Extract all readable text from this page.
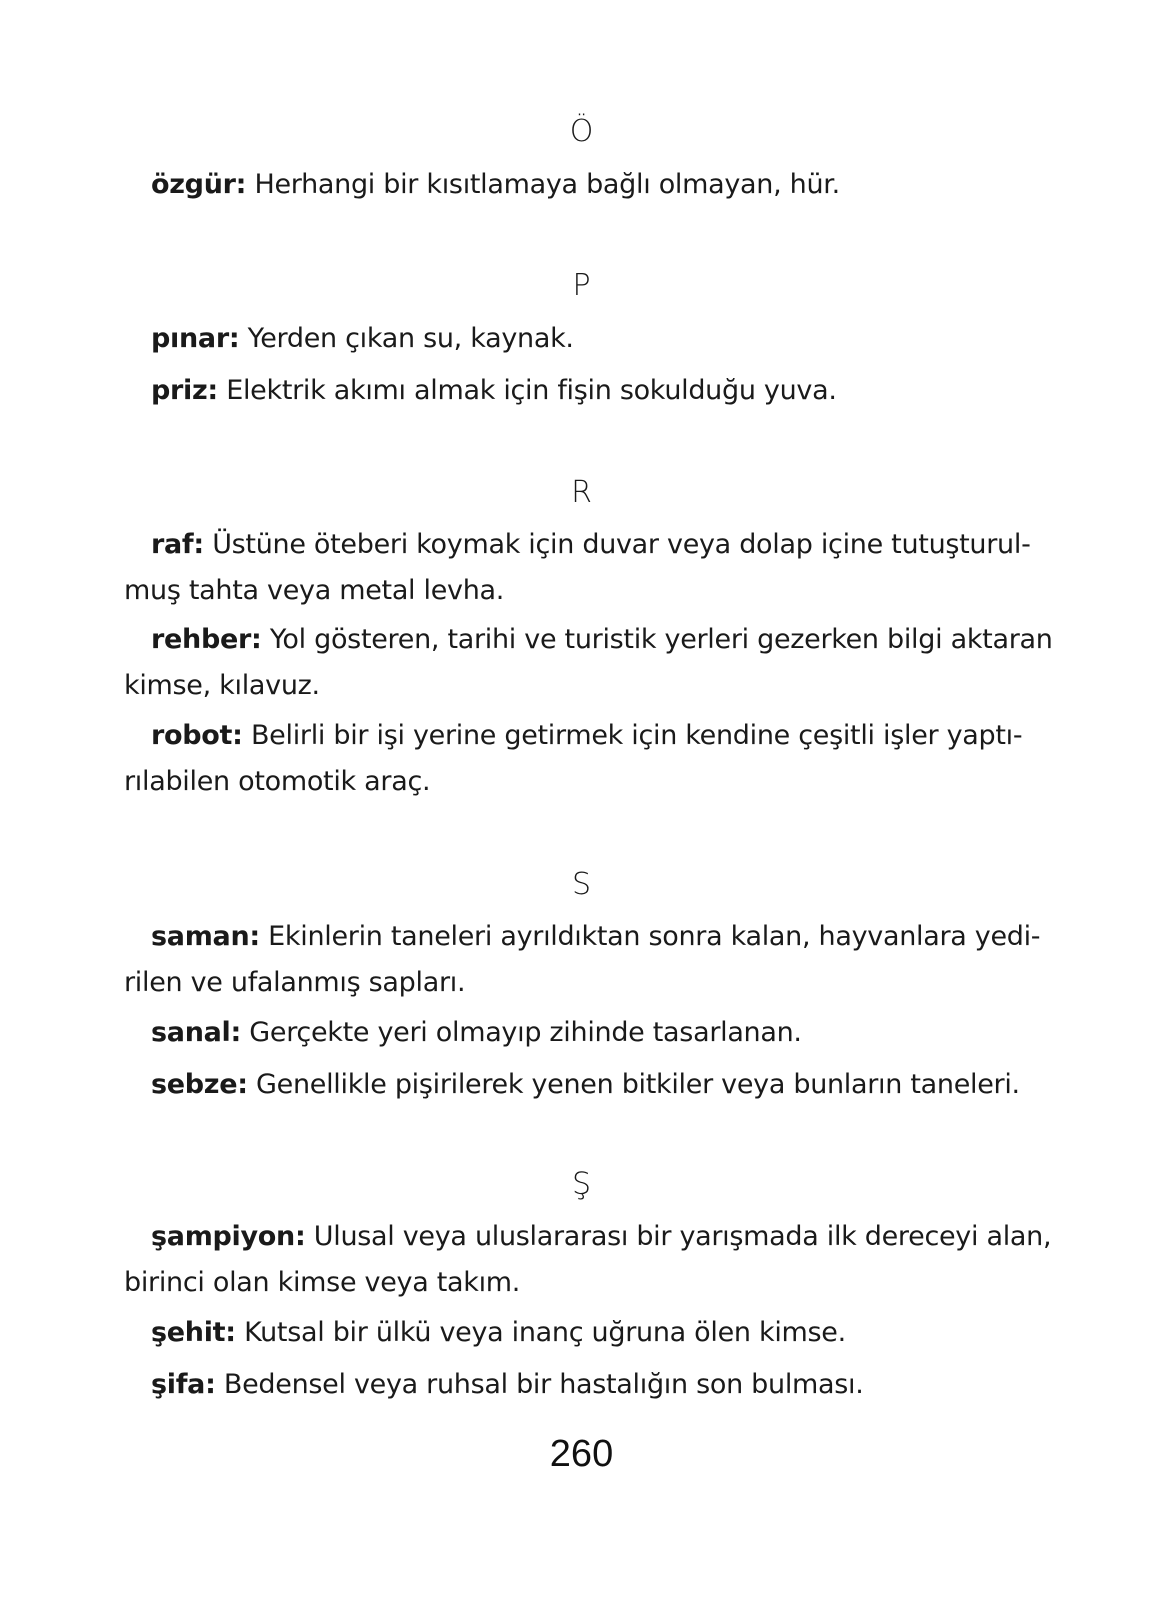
Ö
özgür: Herhangi bir kısıtlamaya bağlı olmayan, hür.
P
pınar: Yerden çıkan su, kaynak.
priz: Elektrik akımı almak için fişin sokulduğu yuva.
R
raf: Üstüne öteberi koymak için duvar veya dolap içine tutuşturul-
muş tahta veya metal levha.
rehber: Yol gösteren, tarihi ve turistik yerleri gezerken bilgi aktaran
kimse, kılavuz.
robot: Belirli bir işi yerine getirmek için kendine çeşitli işler yaptı-
rılabilen otomotik araç.
S
saman: Ekinlerin taneleri ayrıldıktan sonra kalan, hayvanlara yedi-
rilen ve ufalanmış sapları.
sanal: Gerçekte yeri olmayıp zihinde tasarlanan.
sebze: Genellikle pişirilerek yenen bitkiler veya bunların taneleri.
Ş
şampiyon: Ulusal veya uluslararası bir yarışmada ilk dereceyi alan,
birinci olan kimse veya takım.
şehit: Kutsal bir ülkü veya inanç uğruna ölen kimse.
şifa: Bedensel veya ruhsal bir hastalığın son bulması.
260
